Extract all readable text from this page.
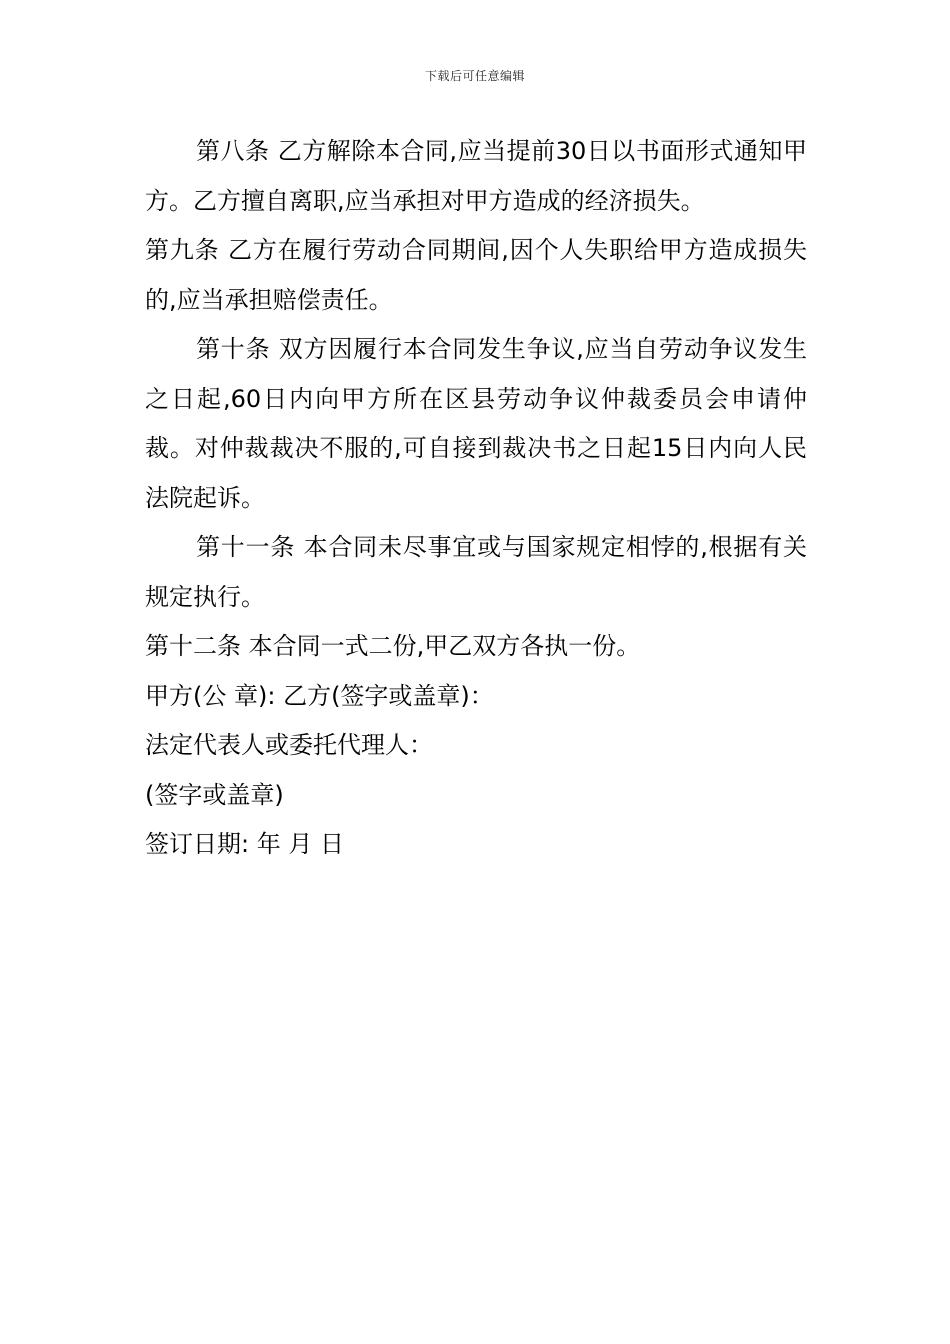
下载后可任意编辑

第八条 乙方解除本合同,应当提前30日以书面形式通知甲方。乙方擅自离职,应当承担对甲方造成的经济损失。

第九条 乙方在履行劳动合同期间,因个人失职给甲方造成损失的,应当承担赔偿责任。

第十条 双方因履行本合同发生争议,应当自劳动争议发生之日起,60日内向甲方所在区县劳动争议仲裁委员会申请仲裁。对仲裁裁决不服的,可自接到裁决书之日起15日内向人民法院起诉。

第十一条 本合同未尽事宜或与国家规定相悖的,根据有关规定执行。

第十二条 本合同一式二份,甲乙双方各执一份。

甲方(公 章): 乙方(签字或盖章)：

法定代表人或委托代理人：

(签字或盖章)

签订日期: 年 月 日
